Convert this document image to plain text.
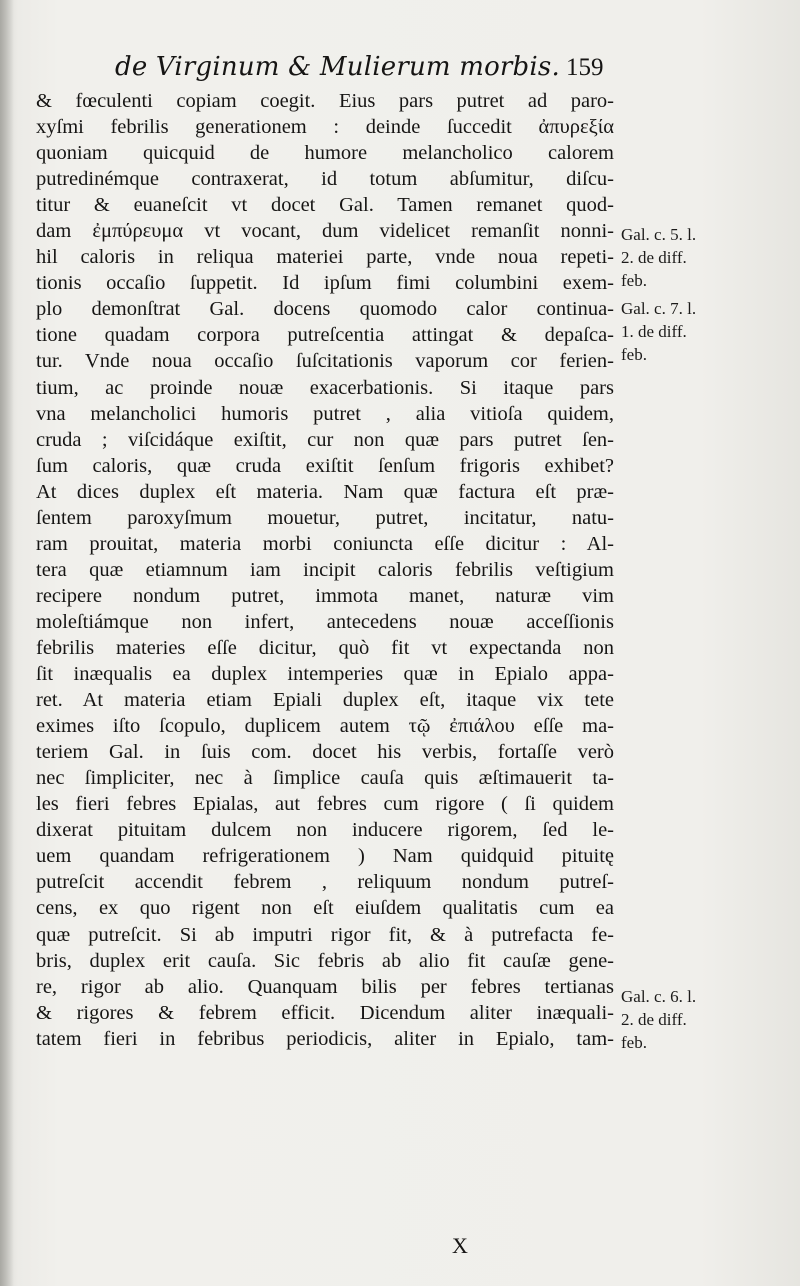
de Virginum & Mulierum morbis. 159
& fœculenti copiam coegit. Eius pars putret ad paro-
xyſmi febrilis generationem : deinde ſuccedit ἀπυρεξία
quoniam quicquid de humore melancholico calorem
putredinémque contraxerat, id totum abſumitur, diſcu-
titur & euaneſcit vt docet Gal. Tamen remanet quod-
dam ἐμπύρευμα vt vocant, dum videlicet remanſit nonni-
hil caloris in reliqua materiei parte, vnde noua repeti-
tionis occaſio ſuppetit. Id ipſum fimi columbini exem-
plo demonſtrat Gal. docens quomodo calor continua-
tione quadam corpora putreſcentia attingat & depaſca-
tur. Vnde noua occaſio ſuſcitationis vaporum cor ferien-
tium, ac proinde nouæ exacerbationis. Si itaque pars
vna melancholici humoris putret , alia vitioſa quidem,
cruda ; viſcidáque exiſtit, cur non quæ pars putret ſen-
ſum caloris, quæ cruda exiſtit ſenſum frigoris exhibet?
At dices duplex eſt materia. Nam quæ factura eſt præ-
ſentem paroxyſmum mouetur, putret, incitatur, natu-
ram prouitat, materia morbi coniuncta eſſe dicitur : Al-
tera quæ etiamnum iam incipit caloris febrilis veſtigium
recipere nondum putret, immota manet, naturæ vim
moleſtiámque non infert, antecedens nouæ acceſſionis
febrilis materies eſſe dicitur, quò fit vt expectanda non
ſit inæqualis ea duplex intemperies quæ in Epialo appa-
ret. At materia etiam Epiali duplex eſt, itaque vix tete
eximes iſto ſcopulo, duplicem autem τῷ ἐπιάλου eſſe ma-
teriem Gal. in ſuis com. docet his verbis, fortaſſe verò
nec ſimpliciter, nec à ſimplice cauſa quis æſtimauerit ta-
les fieri febres Epialas, aut febres cum rigore ( ſi quidem
dixerat pituitam dulcem non inducere rigorem, ſed le-
uem quandam refrigerationem ) Nam quidquid pituitę
putreſcit accendit febrem , reliquum nondum putreſ-
cens, ex quo rigent non eſt eiuſdem qualitatis cum ea
quæ putreſcit. Si ab imputri rigor fit, & à putrefacta fe-
bris, duplex erit cauſa. Sic febris ab alio fit cauſæ gene-
re, rigor ab alio. Quanquam bilis per febres tertianas
& rigores & febrem efficit. Dicendum aliter inæquali-
tatem fieri in febribus periodicis, aliter in Epialo, tam-
Gal. c. 5. l.
2. de diff.
feb.
Gal. c. 7. l.
1. de diff.
feb.
Gal. c. 6. l.
2. de diff.
feb.
X
